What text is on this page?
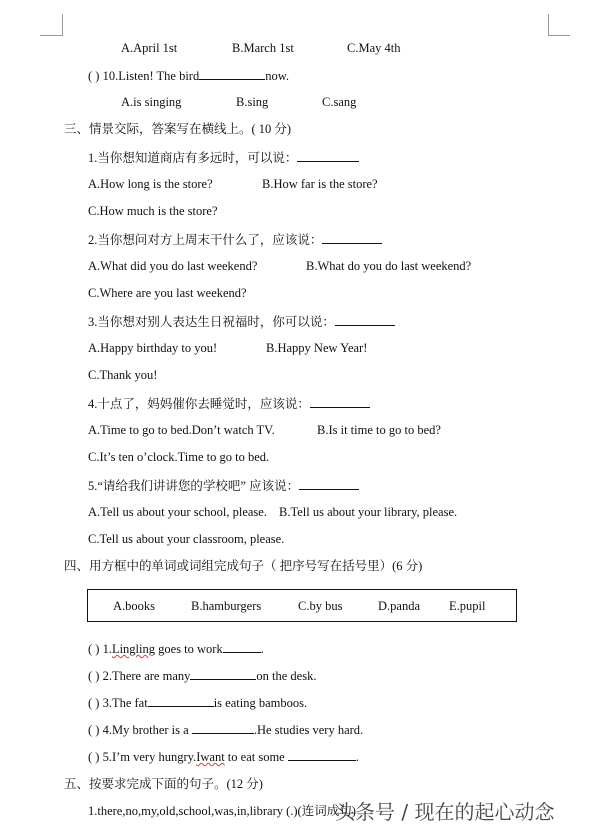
A.April 1st	B.March 1st	C.May 4th
( ) 10.Listen! The bird	now.
A.is singing	B.sing	C.sang
三、情景交际，答案写在横线上。( 10 分)
1.当你想知道商店有多远时，可以说：
A.How long is the store?	B.How far is the store?
C.How much is the store?
2.当你想问对方上周末干什么了，应该说：
A.What did you do last weekend?	B.What do you do last weekend?
C.Where are you last weekend?
3.当你想对别人表达生日祝福时，你可以说：
A.Happy birthday to you!	B.Happy New Year!
C.Thank you!
4.十点了，妈妈催你去睡觉时，应该说：
A.Time to go to bed.Don’t watch TV.	B.Is it time to go to bed?
C.It’s ten o’clock.Time to go to bed.
5.“请给我们讲讲您的学校吧” 应该说：
A.Tell us about your school, please. B.Tell us about your library, please.
C.Tell us about your classroom, please.
四、用方框中的单词或词组完成句子（ 把序号写在括号里）(6 分)
A.books	B.hamburgers	C.by bus	D.panda E.pupil
( ) 1.Lingling goes to work	.
( ) 2.There are many	on the desk.
( ) 3.The fat	is eating bamboos.
( ) 4.My brother is a	.He studies very hard.
( ) 5.I’m very hungry.Iwant to eat some	.
五、按要求完成下面的句子。(12 分)
1.there,no,my,old,school,was,in,library (.)(连词成句)
头条号 / 现在的起心动念
